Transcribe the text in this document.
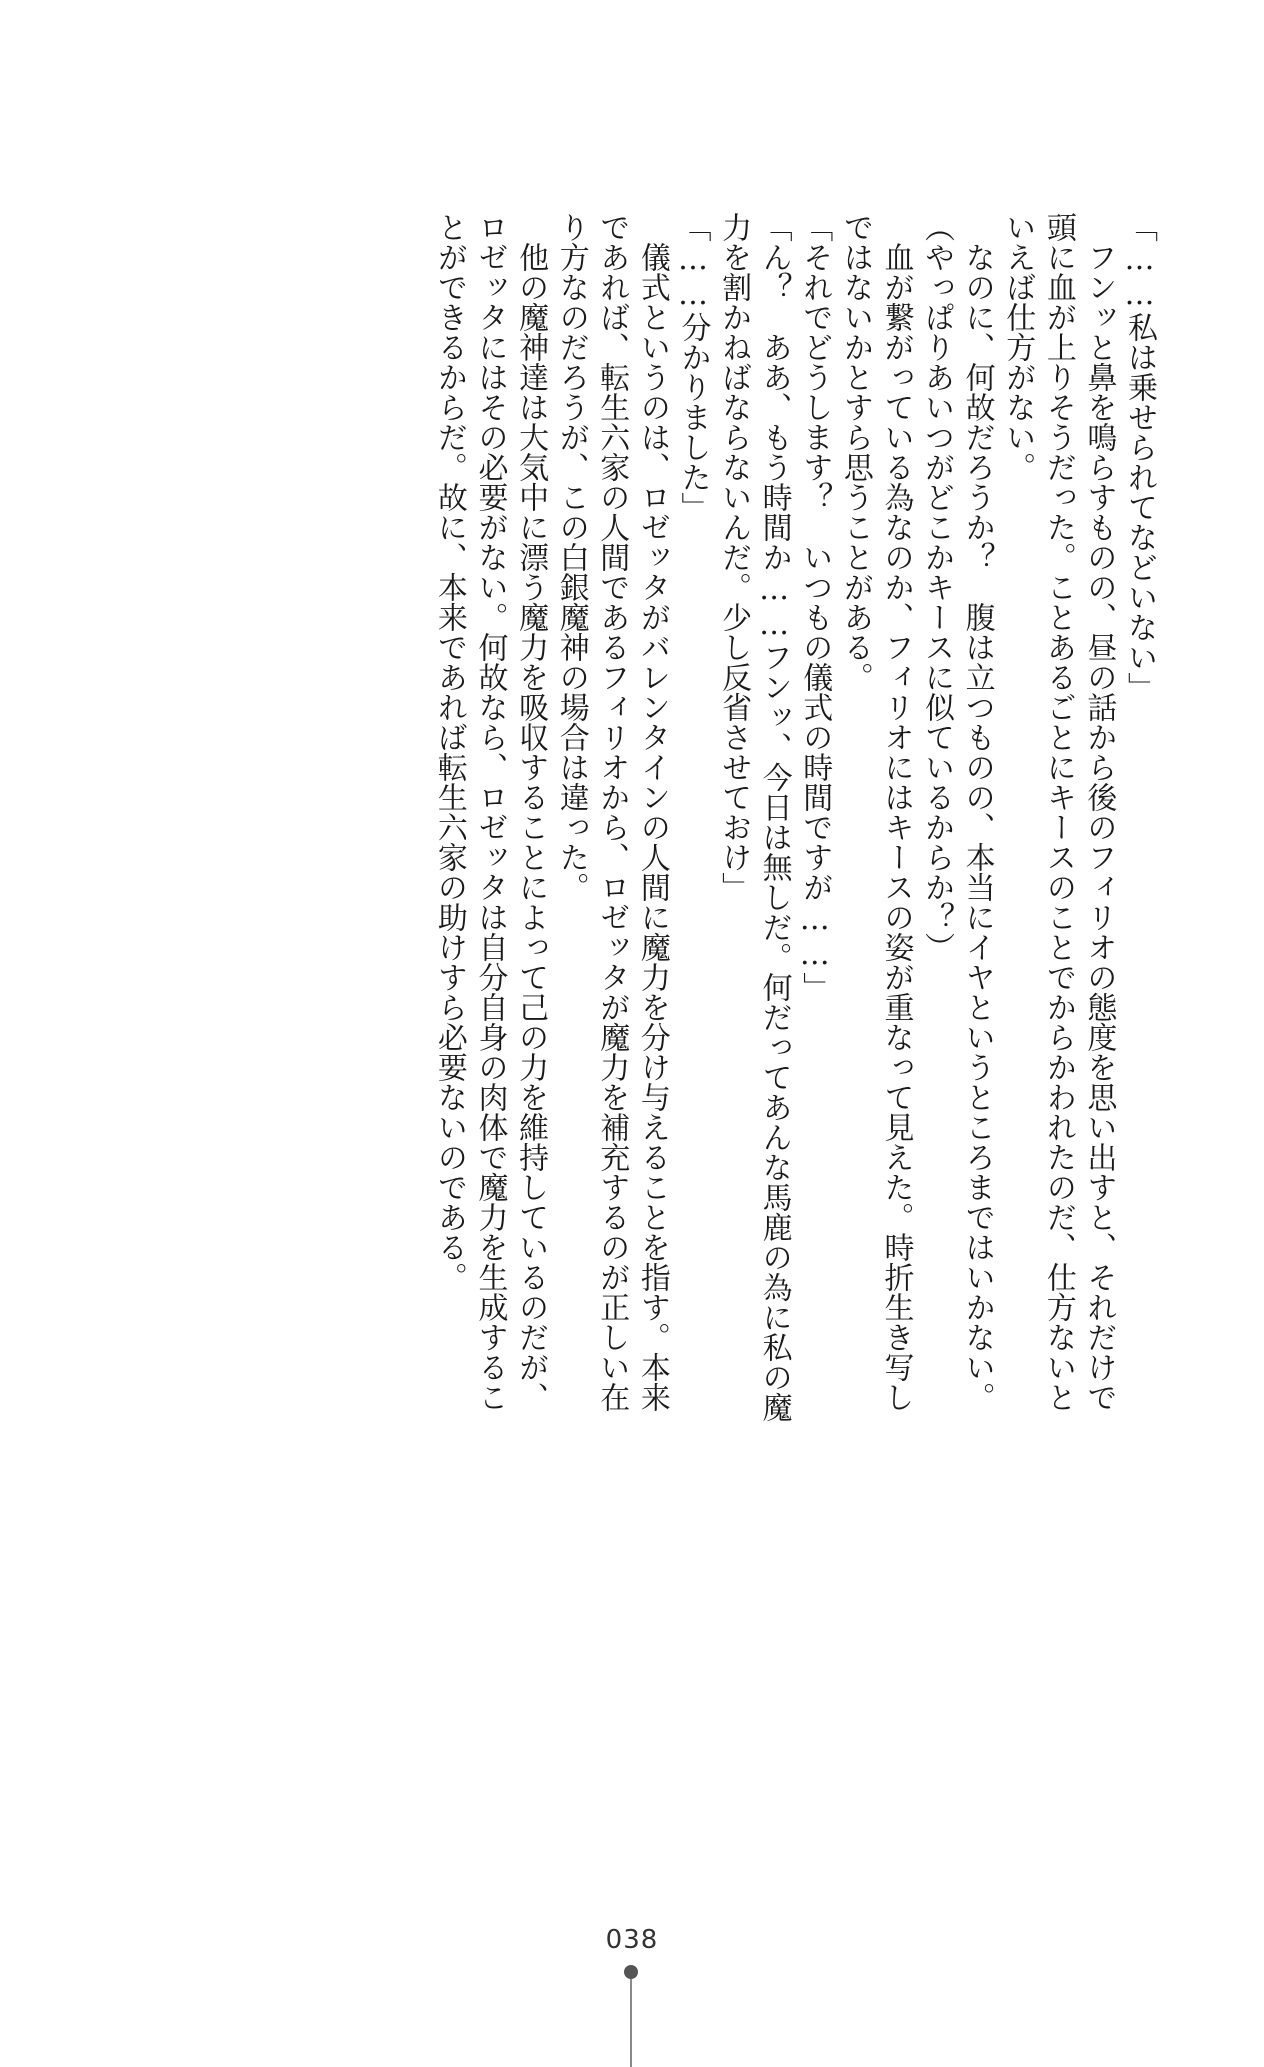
「……私は乗せられてなどいない」
　フンッと鼻を鳴らすものの、昼の話から後のフィリオの態度を思い出すと、それだけで
頭に血が上りそうだった。ことあるごとにキースのことでからかわれたのだ、仕方ないと
いえば仕方がない。
　なのに、何故だろうか？　腹は立つものの、本当にイヤというところまではいかない。
（やっぱりあいつがどこかキースに似ているからか？）
　血が繋がっている為なのか、フィリオにはキースの姿が重なって見えた。時折生き写し
ではないかとすら思うことがある。
「それでどうします？　いつもの儀式の時間ですが……」
「ん？　ああ、もう時間か……フンッ、今日は無しだ。何だってあんな馬鹿の為に私の魔
力を割かねばならないんだ。少し反省させておけ」
「……分かりました」
　儀式というのは、ロゼッタがバレンタインの人間に魔力を分け与えることを指す。本来
であれば、転生六家の人間であるフィリオから、ロゼッタが魔力を補充するのが正しい在
り方なのだろうが、この白銀魔神の場合は違った。
　他の魔神達は大気中に漂う魔力を吸収することによって己の力を維持しているのだが、
ロゼッタにはその必要がない。何故なら、ロゼッタは自分自身の肉体で魔力を生成するこ
とができるからだ。故に、本来であれば転生六家の助けすら必要ないのである。
038
